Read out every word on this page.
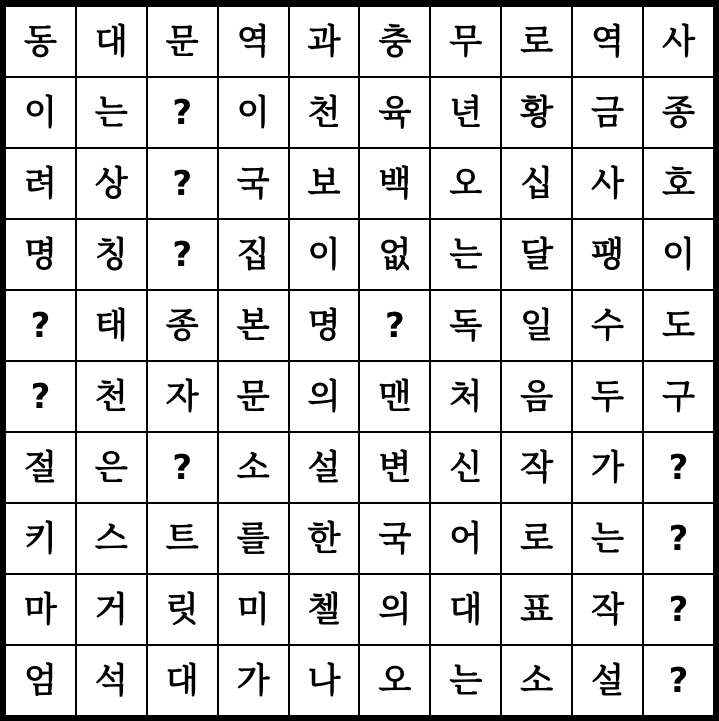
동	대	문	역	과	충	무	로	역	사
이	는	?	이	천	육	년	황	금	종
려	상	?	국	보	백	오	십	사	호
명	칭	?	집	이	없	는	달	팽	이
?	태	종	본	명	?	독	일	수	도
?	천	자	문	의	맨	처	음	두	구
절	은	?	소	설	변	신	작	가	?
키	스	트	를	한	국	어	로	는	?
마	거	릿	미	첼	의	대	표	작	?
엄	석	대	가	나	오	는	소	설	?
